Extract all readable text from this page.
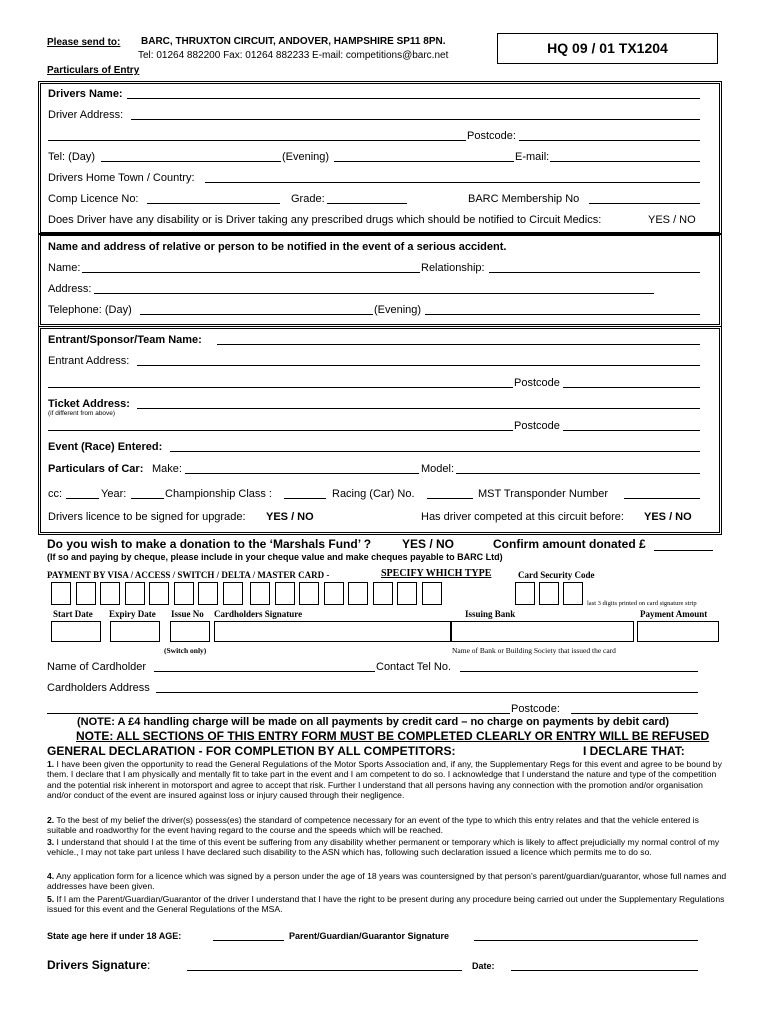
Please send to: BARC, THRUXTON CIRCUIT, ANDOVER, HAMPSHIRE SP11 8PN.
Tel: 01264 882200 Fax: 01264 882233 E-mail: competitions@barc.net
Particulars of Entry
HQ 09 / 01 TX1204
Drivers Name:
Driver Address:
Postcode:
Tel: (Day)	(Evening)	E-mail:
Drivers Home Town / Country:
Comp Licence No:	Grade:	BARC Membership No
Does Driver have any disability or is Driver taking any prescribed drugs which should be notified to Circuit Medics:	YES / NO
Name and address of relative or person to be notified in the event of a serious accident.
Name:	Relationship:
Address:
Telephone: (Day)	(Evening)
Entrant/Sponsor/Team Name:
Entrant Address:
Postcode
Ticket Address:
(if different from above)
Postcode
Event (Race) Entered:
Particulars of Car: Make:	Model:
cc:	Year:	Championship Class :	Racing (Car) No.	MST Transponder Number
Drivers licence to be signed for upgrade: YES / NO	Has driver competed at this circuit before: YES / NO
Do you wish to make a donation to the ‘Marshals Fund’ ?	YES / NO	Confirm amount donated £
(If so and paying by cheque, please include in your cheque value and make cheques payable to BARC Ltd)
PAYMENT BY VISA / ACCESS / SWITCH / DELTA / MASTER CARD -	SPECIFY WHICH TYPE	Card Security Code
last 3 digits printed on card signature strip
Start Date Expiry Date Issue No Cardholders Signature	Issuing Bank	Payment Amount
(Switch only)	Name of Bank or Building Society that issued the card
Name of Cardholder	Contact Tel No.
Cardholders Address
Postcode:
(NOTE: A £4 handling charge will be made on all payments by credit card – no charge on payments by debit card)
NOTE: ALL SECTIONS OF THIS ENTRY FORM MUST BE COMPLETED CLEARLY OR ENTRY WILL BE REFUSED
GENERAL DECLARATION - FOR COMPLETION BY ALL COMPETITORS:	I DECLARE THAT:
1. I have been given the opportunity to read the General Regulations of the Motor Sports Association and, if any, the Supplementary Regs for this event and agree to be bound by them. I declare that I am physically and mentally fit to take part in the event and I am competent to do so. I acknowledge that I understand the nature and type of the competition and the potential risk inherent in motorsport and agree to accept that risk. Further I understand that all persons having any connection with the promotion and/or organisation and/or conduct of the event are insured against loss or injury caused through their negligence.
2. To the best of my belief the driver(s) possess(es) the standard of competence necessary for an event of the type to which this entry relates and that the vehicle entered is suitable and roadworthy for the event having regard to the course and the speeds which will be reached.
3. I understand that should I at the time of this event be suffering from any disability whether permanent or temporary which is likely to affect prejudicially my normal control of my vehicle., I may not take part unless I have declared such disability to the ASN which has, following such declaration issued a licence which permits me to do so.
4. Any application form for a licence which was signed by a person under the age of 18 years was countersigned by that person’s parent/guardian/guarantor, whose full names and addresses have been given.
5. If I am the Parent/Guardian/Guarantor of the driver I understand that I have the right to be present during any procedure being carried out under the Supplementary Regulations issued for this event and the General Regulations of the MSA.
State age here if under 18 AGE:	Parent/Guardian/Guarantor Signature
Drivers Signature:	Date:
